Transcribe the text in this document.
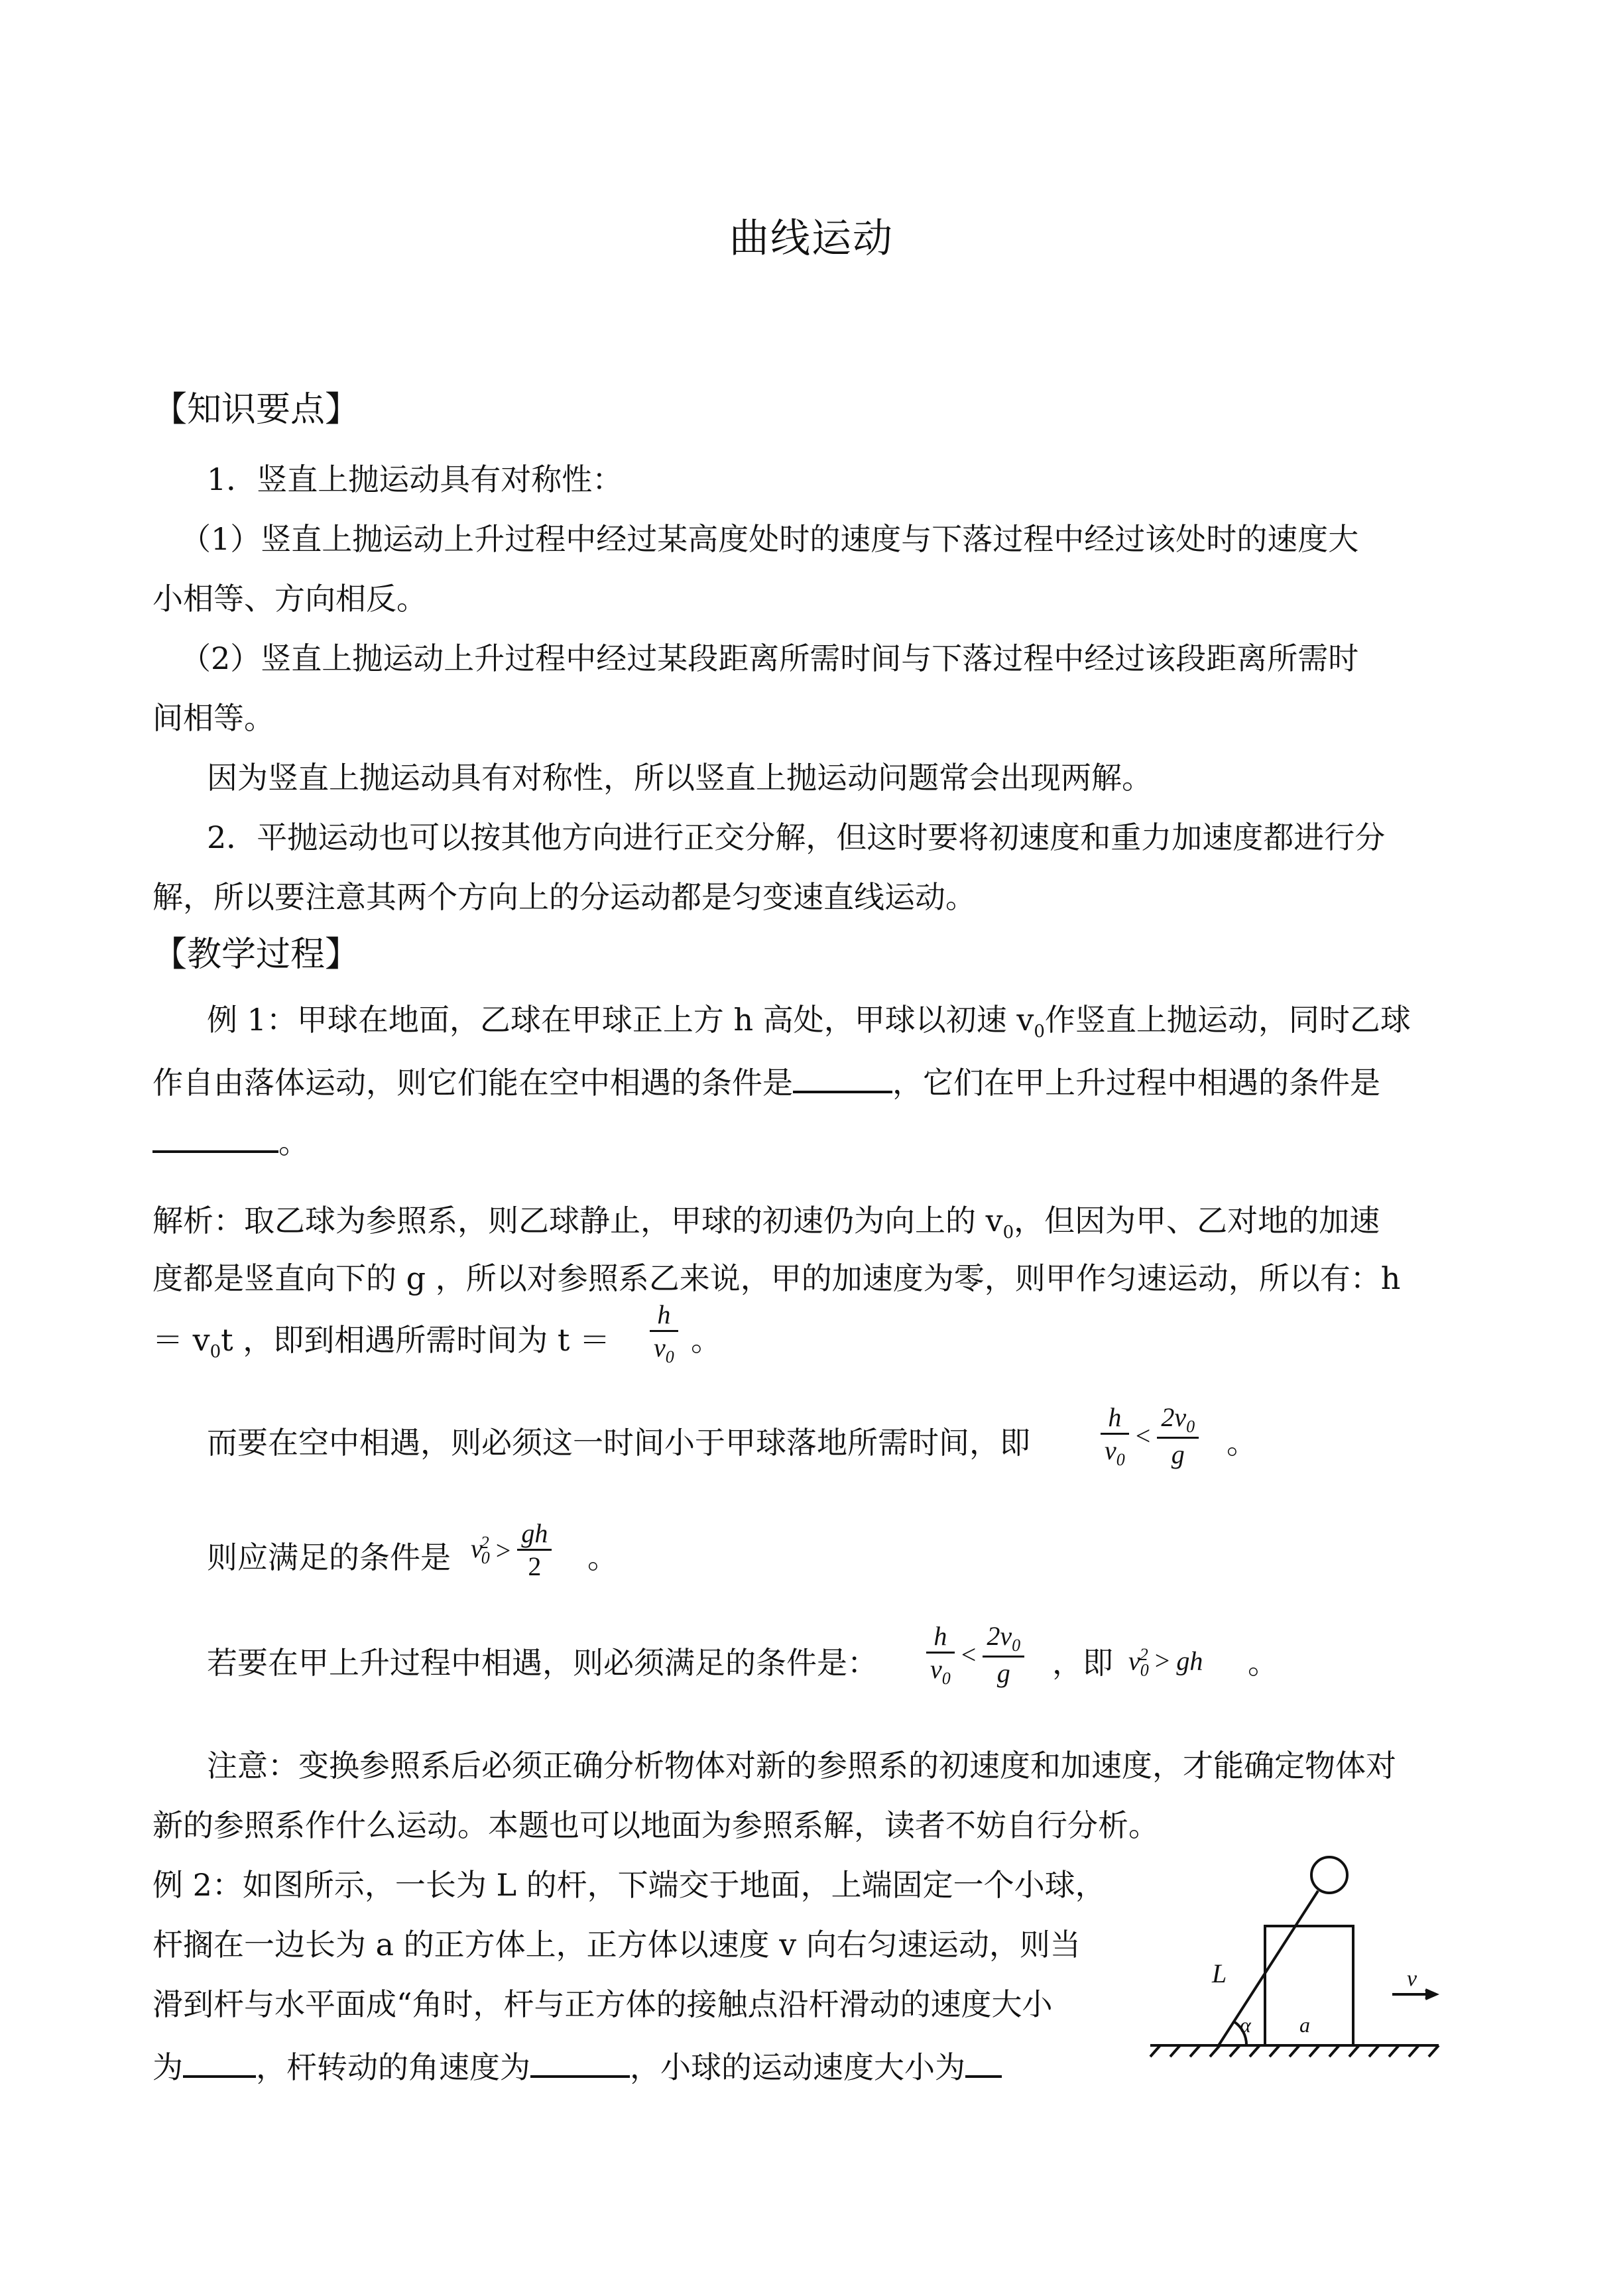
曲线运动
【知识要点】
1．竖直上抛运动具有对称性：
（1）竖直上抛运动上升过程中经过某高度处时的速度与下落过程中经过该处时的速度大
小相等、方向相反。
（2）竖直上抛运动上升过程中经过某段距离所需时间与下落过程中经过该段距离所需时
间相等。
因为竖直上抛运动具有对称性，所以竖直上抛运动问题常会出现两解。
2．平抛运动也可以按其他方向进行正交分解，但这时要将初速度和重力加速度都进行分
解，所以要注意其两个方向上的分运动都是匀变速直线运动。
【教学过程】
例 1：甲球在地面，乙球在甲球正上方 h 高处，甲球以初速 $v_0$作竖直上抛运动，同时乙球
作自由落体运动，则它们能在空中相遇的条件是	，它们在甲上升过程中相遇的条件是
。
解析：取乙球为参照系，则乙球静止，甲球的初速仍为向上的 $v_0$，但因为甲、乙对地的加速
度都是竖直向下的 g ，所以对参照系乙来说，甲的加速度为零，则甲作匀速运动，所以有：h
＝ $v_0t$ ，即到相遇所需时间为 $t = \frac{h}{v_0}$ 。
而要在空中相遇，则必须这一时间小于甲球落地所需时间，即	$\frac{h}{v_0} < \frac{2v_0}{g}$ 。
则应满足的条件是 $v_0^2 > \frac{gh}{2}$ 。
若要在甲上升过程中相遇，则必须满足的条件是： $\frac{h}{v_0} < \frac{2v_0}{g}$ ，即 $v_0^2$ > gh 。
注意：变换参照系后必须正确分析物体对新的参照系的初速度和加速度，才能确定物体对
新的参照系作什么运动。本题也可以地面为参照系解，读者不妨自行分析。
例 2：如图所示，一长为 L 的杆，下端交于地面，上端固定一个小球，
杆搁在一边长为 a 的正方体上，正方体以速度 v 向右匀速运动，则当
滑到杆与水平面成“角时，杆与正方体的接触点沿杆滑动的速度大小
为 ，杆转动的角速度为	，小球的运动速度大小为
L
α a
v
